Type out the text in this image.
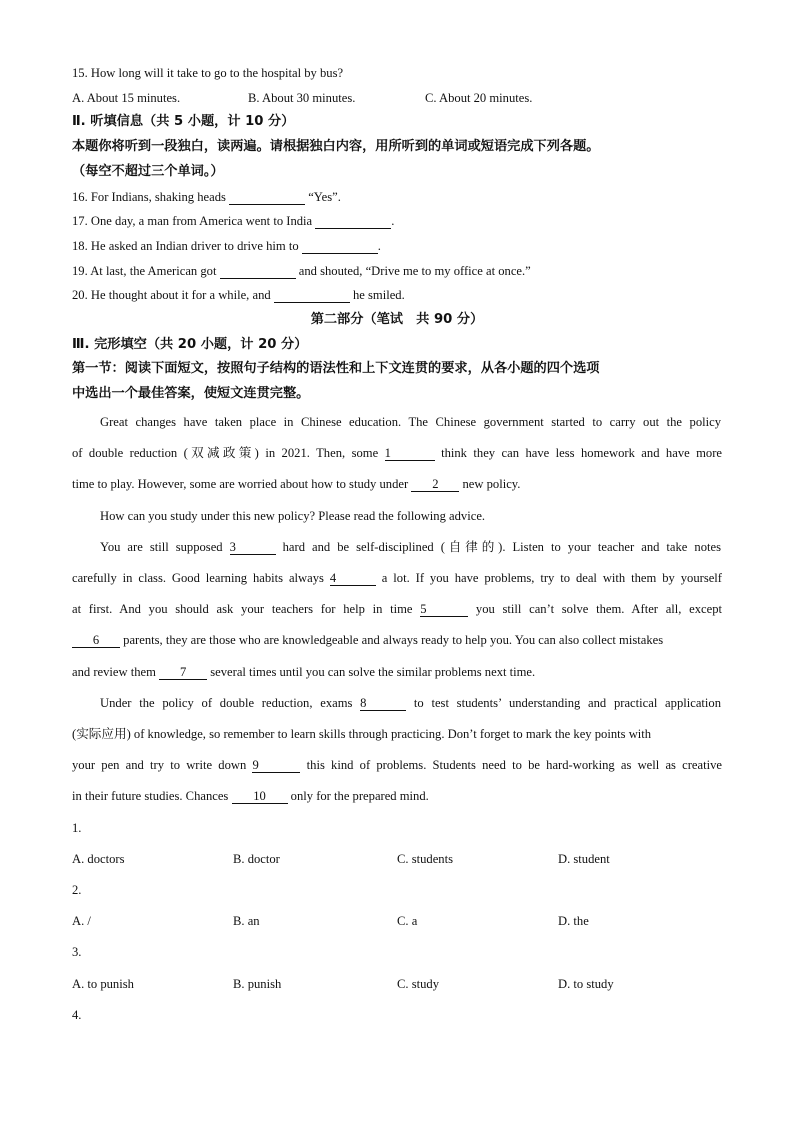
15. How long will it take to go to the hospital by bus?
A. About 15 minutes.	B. About 30 minutes.	C. About 20 minutes.
Ⅱ. 听填信息（共 5 小题，计 10 分）
本题你将听到一段独白，读两遍。请根据独白内容，用所听到的单词或短语完成下列各题。
（每空不超过三个单词。）
16. For Indians, shaking heads	“Yes”.
17. One day, a man from America went to India	.
18. He asked an Indian driver to drive him to	.
19. At last, the American got	and shouted, “Drive me to my office at once.”
20. He thought about it for a while, and	he smiled.
第二部分（笔试　共 90 分）
Ⅲ. 完形填空（共 20 小题，计 20 分）
第一节：阅读下面短文，按照句子结构的语法性和上下文连贯的要求，从各小题的四个选项
中选出一个最佳答案，使短文连贯完整。
Great changes have taken place in Chinese education. The Chinese government started to carry out the policy
of double reduction (双减政策) in 2021. Then, some 1	think they can have less homework and have more
time to play. However, some are worried about how to study under 2 new policy.
How can you study under this new policy? Please read the following advice.
You are still supposed 3	hard and be self-disciplined (自律的). Listen to your teacher and take notes
carefully in class. Good learning habits always 4	a lot. If you have problems, try to deal with them by yourself
at first. And you should ask your teachers for help in time 5	you still can’t solve them. After all, except
6 parents, they are those who are knowledgeable and always ready to help you. You can also collect mistakes
and review them 7 several times until you can solve the similar problems next time.
Under the policy of double reduction, exams 8	to test students’ understanding and practical application
(实际应用) of knowledge, so remember to learn skills through practicing. Don’t forget to mark the key points with
your pen and try to write down 9	this kind of problems. Students need to be hard-working as well as creative
in their future studies. Chances 10 only for the prepared mind.
1.
A. doctors	B. doctor	C. students	D. student
2.
A. /	B. an	C. a	D. the
3.
A. to punish	B. punish	C. study	D. to study
4.
